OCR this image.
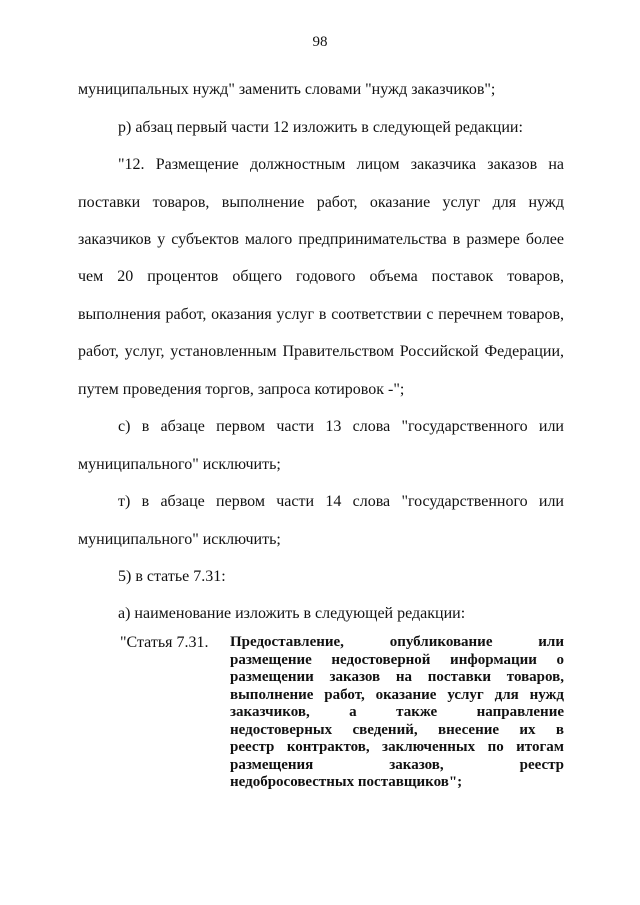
98
муниципальных нужд" заменить словами "нужд заказчиков";
р) абзац первый части 12 изложить в следующей редакции:
"12. Размещение должностным лицом заказчика заказов на
поставки товаров, выполнение работ, оказание услуг для нужд
заказчиков у субъектов малого предпринимательства в размере более
чем 20 процентов общего годового объема поставок товаров,
выполнения работ, оказания услуг в соответствии с перечнем товаров,
работ, услуг, установленным Правительством Российской Федерации,
путем проведения торгов, запроса котировок -";
с) в абзаце первом части 13 слова "государственного или
муниципального" исключить;
т) в абзаце первом части 14 слова "государственного или
муниципального" исключить;
5) в статье 7.31:
а) наименование изложить в следующей редакции:
"Статья 7.31. Предоставление, опубликование или
размещение недостоверной информации о
размещении заказов на поставки товаров,
выполнение работ, оказание услуг для нужд
заказчиков, а также направление
недостоверных сведений, внесение их в
реестр контрактов, заключенных по итогам
размещения заказов, реестр
недобросовестных поставщиков";
